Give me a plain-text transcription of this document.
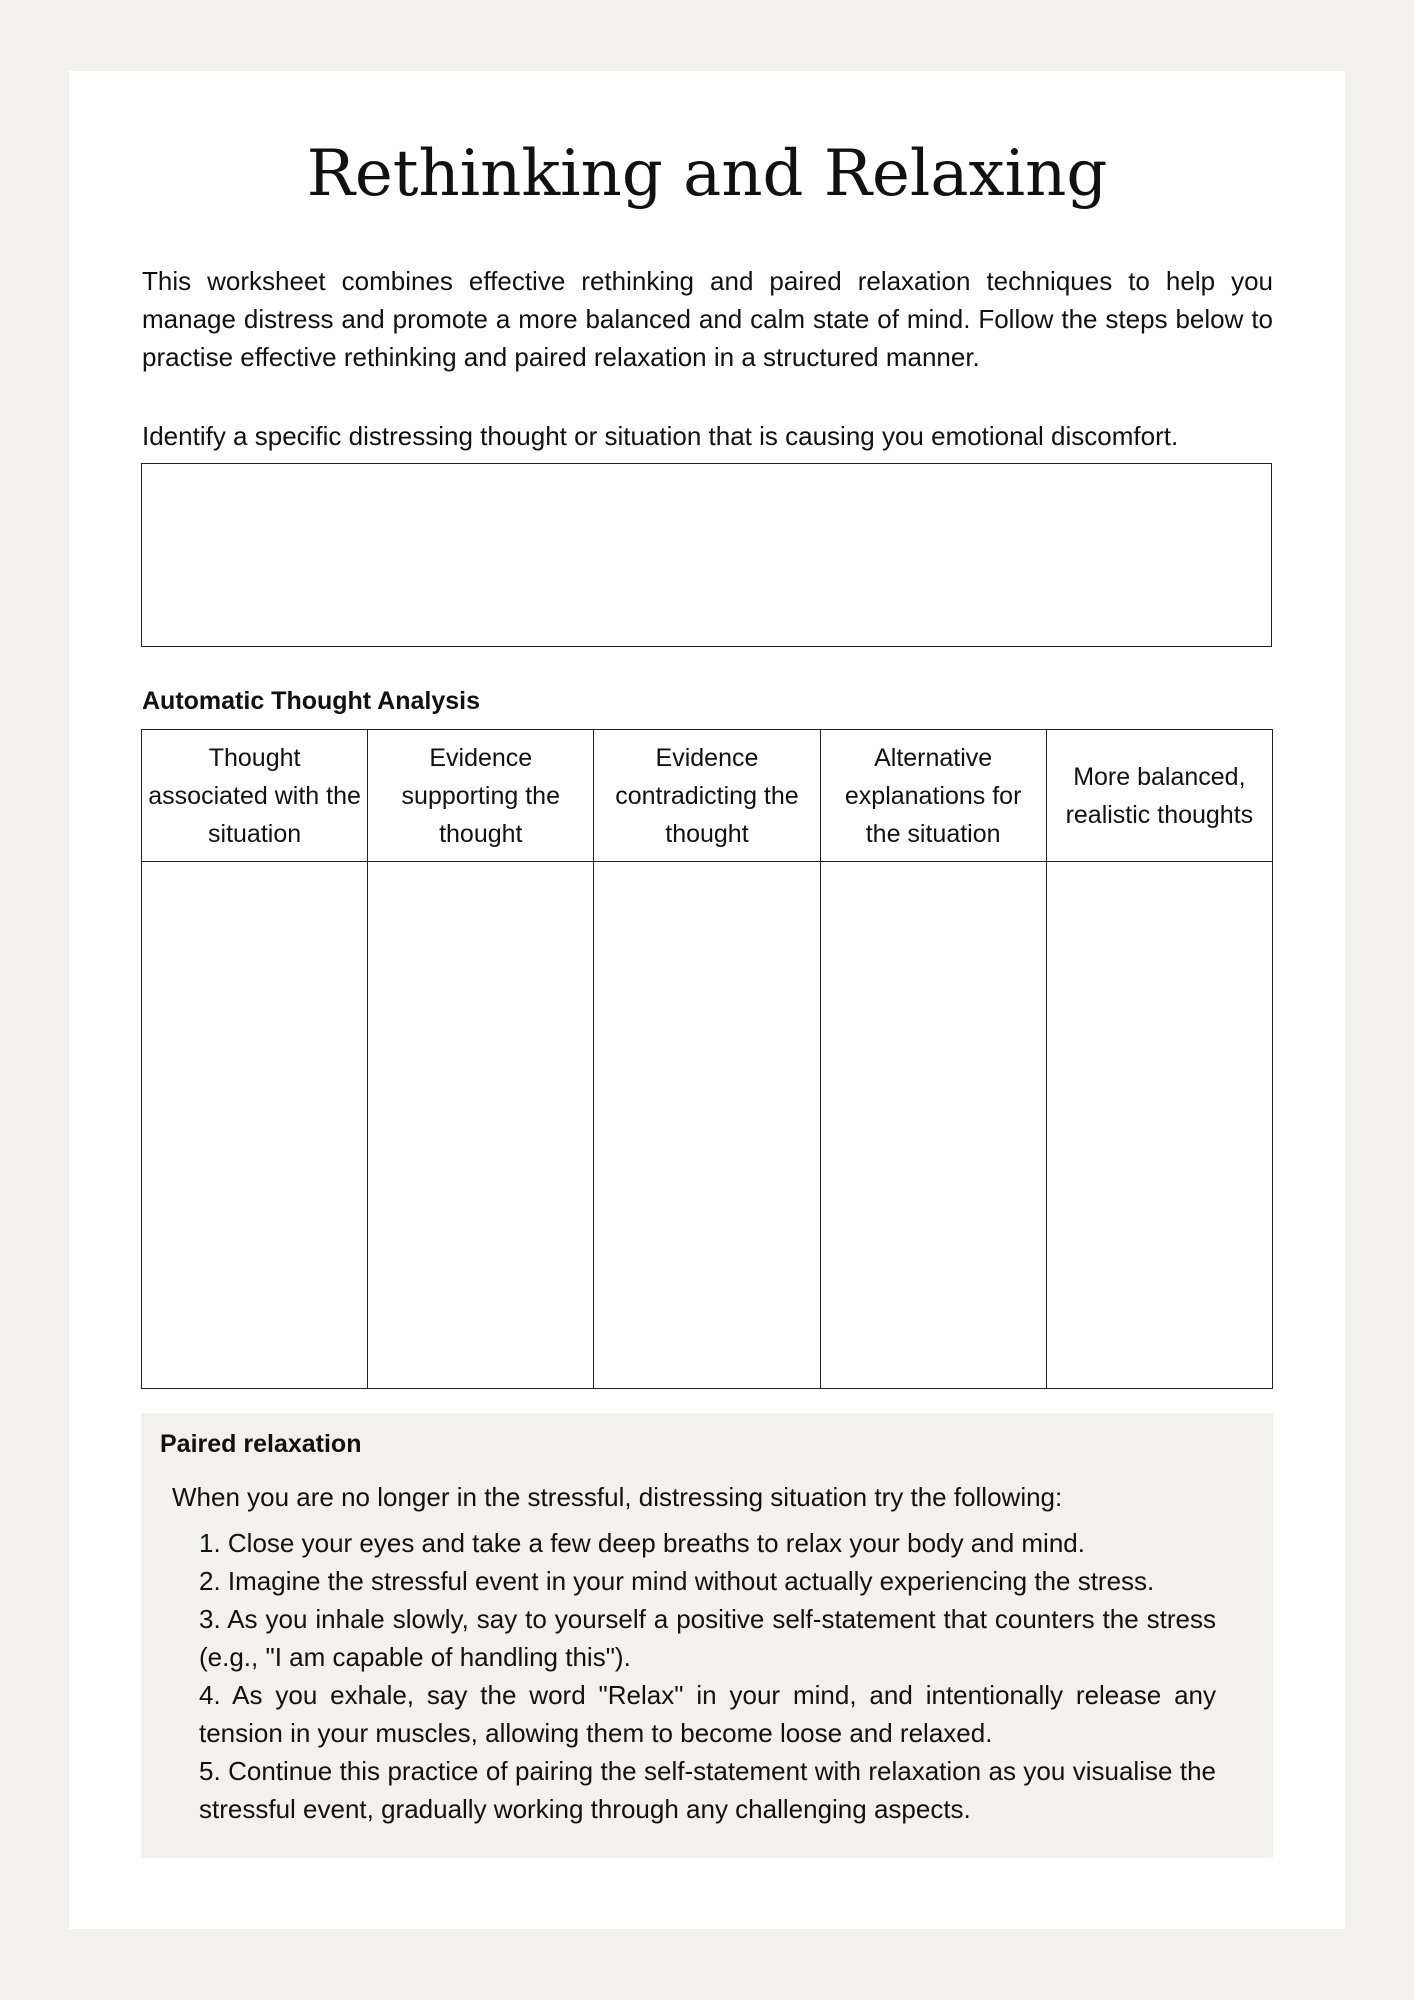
Rethinking and Relaxing

This worksheet combines effective rethinking and paired relaxation techniques to help you manage distress and promote a more balanced and calm state of mind. Follow the steps below to practise effective rethinking and paired relaxation in a structured manner.

Identify a specific distressing thought or situation that is causing you emotional discomfort.

Automatic Thought Analysis

Thought associated with the situation	Evidence supporting the thought	Evidence contradicting the thought	Alternative explanations for the situation	More balanced, realistic thoughts

Paired relaxation

When you are no longer in the stressful, distressing situation try the following:

1. Close your eyes and take a few deep breaths to relax your body and mind.
2. Imagine the stressful event in your mind without actually experiencing the stress.
3. As you inhale slowly, say to yourself a positive self-statement that counters the stress (e.g., "I am capable of handling this").
4. As you exhale, say the word "Relax" in your mind, and intentionally release any tension in your muscles, allowing them to become loose and relaxed.
5. Continue this practice of pairing the self-statement with relaxation as you visualise the stressful event, gradually working through any challenging aspects.
